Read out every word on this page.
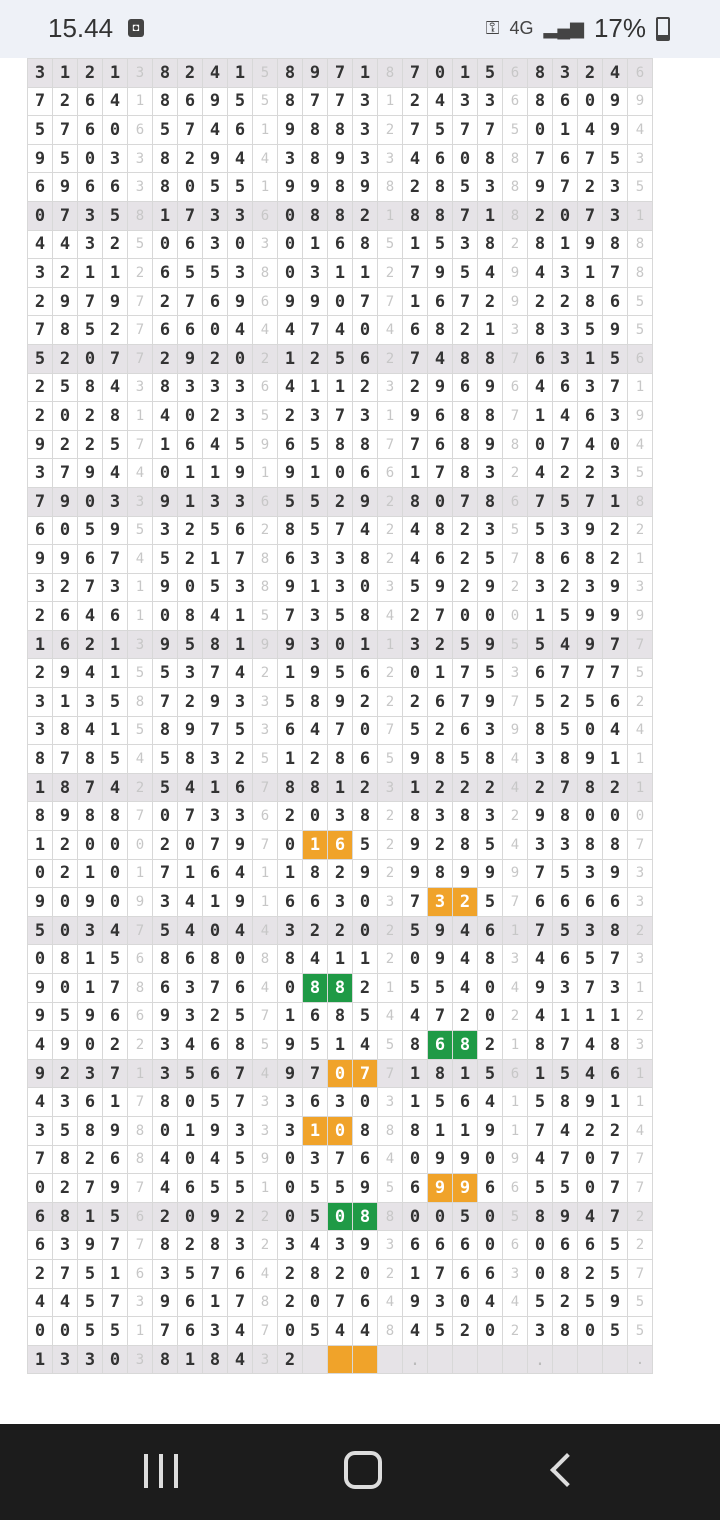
15.44	◘	⚿ 4G ▂▄▆ 17%
3	1	2	1	3	8	2	4	1	5	8	9	7	1	8	7	0	1	5	6	8	3	2	4	6
7	2	6	4	1	8	6	9	5	5	8	7	7	3	1	2	4	3	3	6	8	6	0	9	9
5	7	6	0	6	5	7	4	6	1	9	8	8	3	2	7	5	7	7	5	0	1	4	9	4
9	5	0	3	3	8	2	9	4	4	3	8	9	3	3	4	6	0	8	8	7	6	7	5	3
6	9	6	6	3	8	0	5	5	1	9	9	8	9	8	2	8	5	3	8	9	7	2	3	5
0	7	3	5	8	1	7	3	3	6	0	8	8	2	1	8	8	7	1	8	2	0	7	3	1
4	4	3	2	5	0	6	3	0	3	0	1	6	8	5	1	5	3	8	2	8	1	9	8	8
3	2	1	1	2	6	5	5	3	8	0	3	1	1	2	7	9	5	4	9	4	3	1	7	8
2	9	7	9	7	2	7	6	9	6	9	9	0	7	7	1	6	7	2	9	2	2	8	6	5
7	8	5	2	7	6	6	0	4	4	4	7	4	0	4	6	8	2	1	3	8	3	5	9	5
5	2	0	7	7	2	9	2	0	2	1	2	5	6	2	7	4	8	8	7	6	3	1	5	6
2	5	8	4	3	8	3	3	3	6	4	1	1	2	3	2	9	6	9	6	4	6	3	7	1
2	0	2	8	1	4	0	2	3	5	2	3	7	3	1	9	6	8	8	7	1	4	6	3	9
9	2	2	5	7	1	6	4	5	9	6	5	8	8	7	7	6	8	9	8	0	7	4	0	4
3	7	9	4	4	0	1	1	9	1	9	1	0	6	6	1	7	8	3	2	4	2	2	3	5
7	9	0	3	3	9	1	3	3	6	5	5	2	9	2	8	0	7	8	6	7	5	7	1	8
6	0	5	9	5	3	2	5	6	2	8	5	7	4	2	4	8	2	3	5	5	3	9	2	2
9	9	6	7	4	5	2	1	7	8	6	3	3	8	2	4	6	2	5	7	8	6	8	2	1
3	2	7	3	1	9	0	5	3	8	9	1	3	0	3	5	9	2	9	2	3	2	3	9	3
2	6	4	6	1	0	8	4	1	5	7	3	5	8	4	2	7	0	0	0	1	5	9	9	9
1	6	2	1	3	9	5	8	1	9	9	3	0	1	1	3	2	5	9	5	5	4	9	7	7
2	9	4	1	5	5	3	7	4	2	1	9	5	6	2	0	1	7	5	3	6	7	7	7	5
3	1	3	5	8	7	2	9	3	3	5	8	9	2	2	2	6	7	9	7	5	2	5	6	2
3	8	4	1	5	8	9	7	5	3	6	4	7	0	7	5	2	6	3	9	8	5	0	4	4
8	7	8	5	4	5	8	3	2	5	1	2	8	6	5	9	8	5	8	4	3	8	9	1	1
1	8	7	4	2	5	4	1	6	7	8	8	1	2	3	1	2	2	2	4	2	7	8	2	1
8	9	8	8	7	0	7	3	3	6	2	0	3	8	2	8	3	8	3	2	9	8	0	0	0
1	2	0	0	0	2	0	7	9	7	0	1	6	5	2	9	2	8	5	4	3	3	8	8	7
0	2	1	0	1	7	1	6	4	1	1	8	2	9	2	9	8	9	9	9	7	5	3	9	3
9	0	9	0	9	3	4	1	9	1	6	6	3	0	3	7	3	2	5	7	6	6	6	6	3
5	0	3	4	7	5	4	0	4	4	3	2	2	0	2	5	9	4	6	1	7	5	3	8	2
0	8	1	5	6	8	6	8	0	8	8	4	1	1	2	0	9	4	8	3	4	6	5	7	3
9	0	1	7	8	6	3	7	6	4	0	8	8	2	1	5	5	4	0	4	9	3	7	3	1
9	5	9	6	6	9	3	2	5	7	1	6	8	5	4	4	7	2	0	2	4	1	1	1	2
4	9	0	2	2	3	4	6	8	5	9	5	1	4	5	8	6	8	2	1	8	7	4	8	3
9	2	3	7	1	3	5	6	7	4	9	7	0	7	7	1	8	1	5	6	1	5	4	6	1
4	3	6	1	7	8	0	5	7	3	3	6	3	0	3	1	5	6	4	1	5	8	9	1	1
3	5	8	9	8	0	1	9	3	3	3	1	0	8	8	8	1	1	9	1	7	4	2	2	4
7	8	2	6	8	4	0	4	5	9	0	3	7	6	4	0	9	9	0	9	4	7	0	7	7
0	2	7	9	7	4	6	5	5	1	0	5	5	9	5	6	9	9	6	6	5	5	0	7	7
6	8	1	5	6	2	0	9	2	2	0	5	0	8	8	0	0	5	0	5	8	9	4	7	2
6	3	9	7	7	8	2	8	3	2	3	4	3	9	3	6	6	6	0	6	0	6	6	5	2
2	7	5	1	6	3	5	7	6	4	2	8	2	0	2	1	7	6	6	3	0	8	2	5	7
4	4	5	7	3	9	6	1	7	8	2	0	7	6	4	9	3	0	4	4	5	2	5	9	5
0	0	5	5	1	7	6	3	4	7	0	5	4	4	8	4	5	2	0	2	3	8	0	5	5
1	3	3	0	3	8	1	8	4	3	2					.					.				.
